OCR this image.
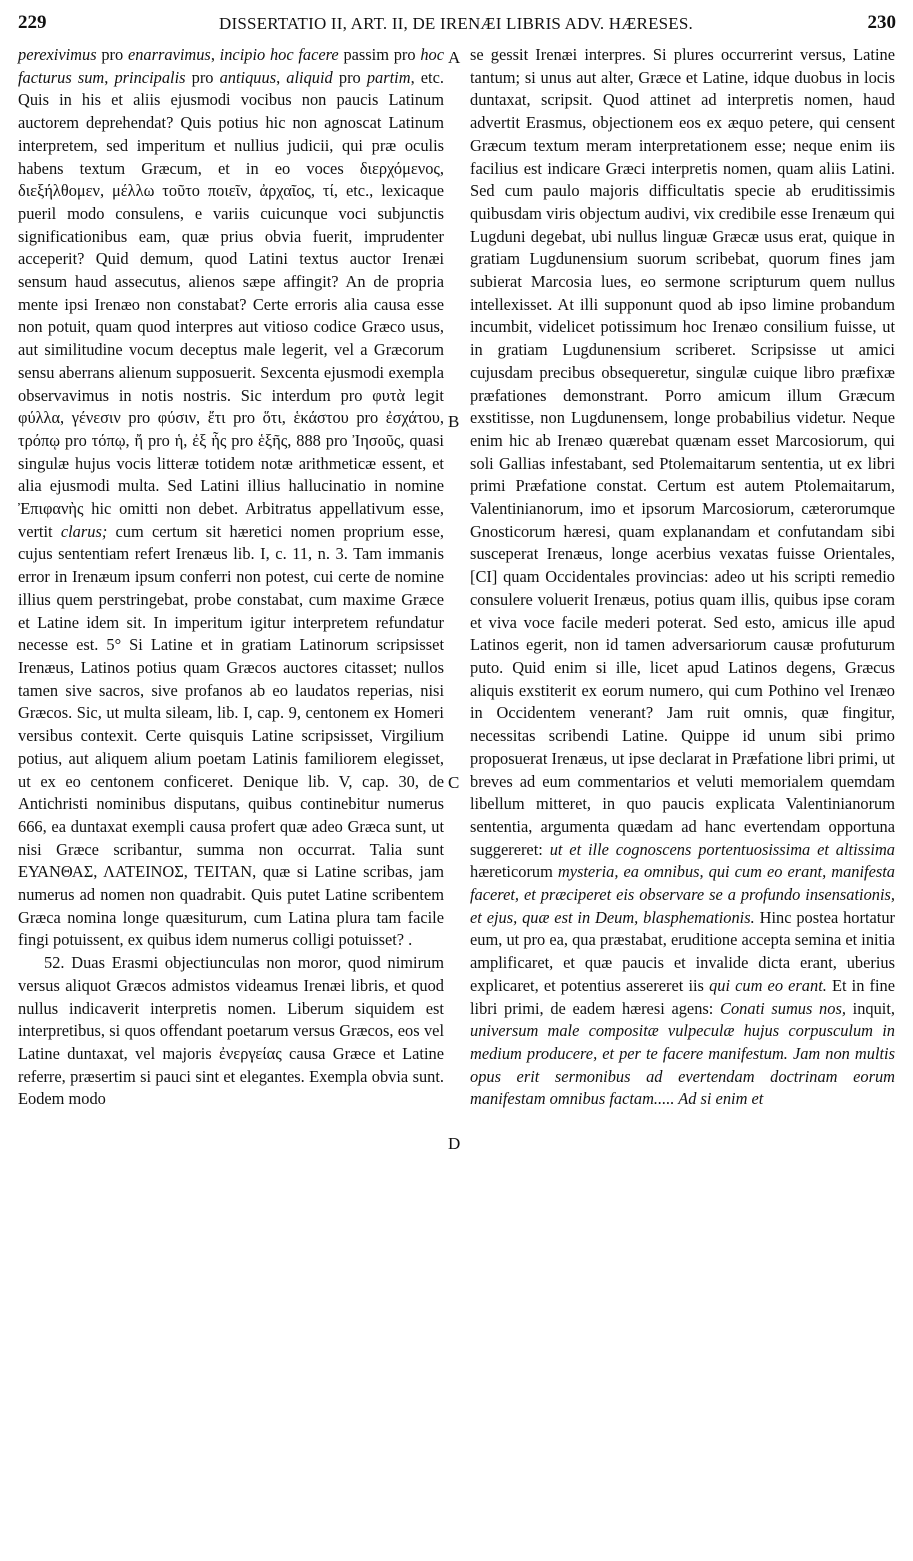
229	DISSERTATIO II, ART. II, DE IRENÆI LIBRIS ADV. HÆRESES.	230

perexivimus pro enarravimus, incipio hoc facere passim pro hoc facturus sum, principalis pro antiquus, aliquid pro partim, etc. Quis in his et aliis ejusmodi vocibus non paucis Latinum auctorem deprehendat? Quis potius hic non agnoscat Latinum interpretem, sed imperitum et nullius judicii, qui præ oculis habens textum Græcum, et in eo voces διερχόμενος, διεξήλθομεν, μέλλω τοῦτο ποιεῖν, ἀρχαῖος, τί, etc., lexicaque pueril modo consulens, e variis cuicunque voci subjunctis significationibus eam, quæ prius obvia fuerit, imprudenter acceperit? Quid demum, quod Latini textus auctor Irenæi sensum haud assecutus, alienos sæpe affingit? An de propria mente ipsi Irenæo non constabat? Certe erroris alia causa esse non potuit, quam quod interpres aut vitioso codice Græco usus, aut similitudine vocum deceptus male legerit, vel a Græcorum sensu aberrans alienum supposuerit. Sexcenta ejusmodi exempla observavimus in notis nostris. Sic interdum pro φυτὰ legit φύλλα, γένεσιν pro φύσιν, ἔτι pro ὅτι, ἑκάστου pro ἐσχάτου, τρόπῳ pro τόπῳ, ἤ pro ἡ, ἐξ ἧς pro ἑξῆς, 888 pro Ἰησοῦς, quasi singulæ hujus vocis litteræ totidem notæ arithmeticæ essent, et alia ejusmodi multa. Sed Latini illius hallucinatio in nomine Ἐπιφανὴς hic omitti non debet. Arbitratus appellativum esse, vertit clarus; cum certum sit hæretici nomen proprium esse, cujus sententiam refert Irenæus lib. I, c. 11, n. 3. Tam immanis error in Irenæum ipsum conferri non potest, cui certe de nomine illius quem perstringebat, probe constabat, cum maxime Græce et Latine idem sit. In imperitum igitur interpretem refundatur necesse est. 5° Si Latine et in gratiam Latinorum scripsisset Irenæus, Latinos potius quam Græcos auctores citasset; nullos tamen sive sacros, sive profanos ab eo laudatos reperias, nisi Græcos. Sic, ut multa sileam, lib. I, cap. 9, centonem ex Homeri versibus contexit. Certe quisquis Latine scripsisset, Virgilium potius, aut aliquem alium poetam Latinis familiorem elegisset, ut ex eo centonem conficeret. Denique lib. V, cap. 30, de Antichristi nominibus disputans, quibus continebitur numerus 666, ea duntaxat exempli causa profert quæ adeo Græca sunt, ut nisi Græce scribantur, summa non occurrat. Talia sunt ΕΥΑΝΘΑΣ, ΛΑΤΕΙΝΟΣ, ΤΕΙΤΑΝ, quæ si Latine scribas, jam numerus ad nomen non quadrabit. Quis putet Latine scribentem Græca nomina longe quæsiturum, cum Latina plura tam facile fingi potuissent, ex quibus idem numerus colligi potuisset? .

52. Duas Erasmi objectiunculas non moror, quod nimirum versus aliquot Græcos admistos videamus Irenæi libris, et quod nullus indicaverit interpretis nomen. Liberum siquidem est interpretibus, si quos offendant poetarum versus Græcos, eos vel Latine duntaxat, vel majoris ἐνεργείας causa Græce et Latine referre, præsertim si pauci sint et elegantes. Exempla obvia sunt. Eodem modo

se gessit Irenæi interpres. Si plures occurrerint versus, Latine tantum; si unus aut alter, Græce et Latine, idque duobus in locis duntaxat, scripsit. Quod attinet ad interpretis nomen, haud advertit Erasmus, objectionem eos ex æquo petere, qui censent Græcum textum meram interpretationem esse; neque enim iis facilius est indicare Græci interpretis nomen, quam aliis Latini. Sed cum paulo majoris difficultatis specie ab eruditissimis quibusdam viris objectum audivi, vix credibile esse Irenæum qui Lugduni degebat, ubi nullus linguæ Græcæ usus erat, quique in gratiam Lugdunensium suorum scribebat, quorum fines jam subierat Marcosia lues, eo sermone scripturum quem nullus intellexisset. At illi supponunt quod ab ipso limine probandum incumbit, videlicet potissimum hoc Irenæo consilium fuisse, ut in gratiam Lugdunensium scriberet. Scripsisse ut amici cujusdam precibus obsequeretur, singulæ cuique libro præfixæ præfationes demonstrant. Porro amicum illum Græcum exstitisse, non Lugdunensem, longe probabilius videtur. Neque enim hic ab Irenæo quærebat quænam esset Marcosiorum, qui soli Gallias infestabant, sed Ptolemaitarum sententia, ut ex libri primi Præfatione constat. Certum est autem Ptolemaitarum, Valentinianorum, imo et ipsorum Marcosiorum, cæterorumque Gnosticorum hæresi, quam explanandam et confutandam sibi susceperat Irenæus, longe acerbius vexatas fuisse Orientales, [CI] quam Occidentales provincias: adeo ut his scripti remedio consulere voluerit Irenæus, potius quam illis, quibus ipse coram et viva voce facile mederi poterat. Sed esto, amicus ille apud Latinos egerit, non id tamen adversariorum causæ profuturum puto. Quid enim si ille, licet apud Latinos degens, Græcus aliquis exstiterit ex eorum numero, qui cum Pothino vel Irenæo in Occidentem venerant? Jam ruit omnis, quæ fingitur, necessitas scribendi Latine. Quippe id unum sibi primo proposuerat Irenæus, ut ipse declarat in Præfatione libri primi, ut breves ad eum commentarios et veluti memorialem quemdam libellum mitteret, in quo paucis explicata Valentinianorum sententia, argumenta quædam ad hanc evertendam opportuna suggereret: ut et ille cognoscens portentuosissima et altissima hæreticorum mysteria, ea omnibus, qui cum eo erant, manifesta faceret, et præciperet eis observare se a profundo insensationis, et ejus, quæ est in Deum, blasphemationis. Hinc postea hortatur eum, ut pro ea, qua præstabat, eruditione accepta semina et initia amplificaret, et quæ paucis et invalide dicta erant, uberius explicaret, et potentius assereret iis qui cum eo erant. Et in fine libri primi, de eadem hæresi agens: Conati sumus nos, inquit, universum male compositæ vulpeculæ hujus corpusculum in medium producere, et per te facere manifestum. Jam non multis opus erit sermonibus ad evertendam doctrinam eorum manifestam omnibus factam..... Ad si enim et

A
B
C
D
